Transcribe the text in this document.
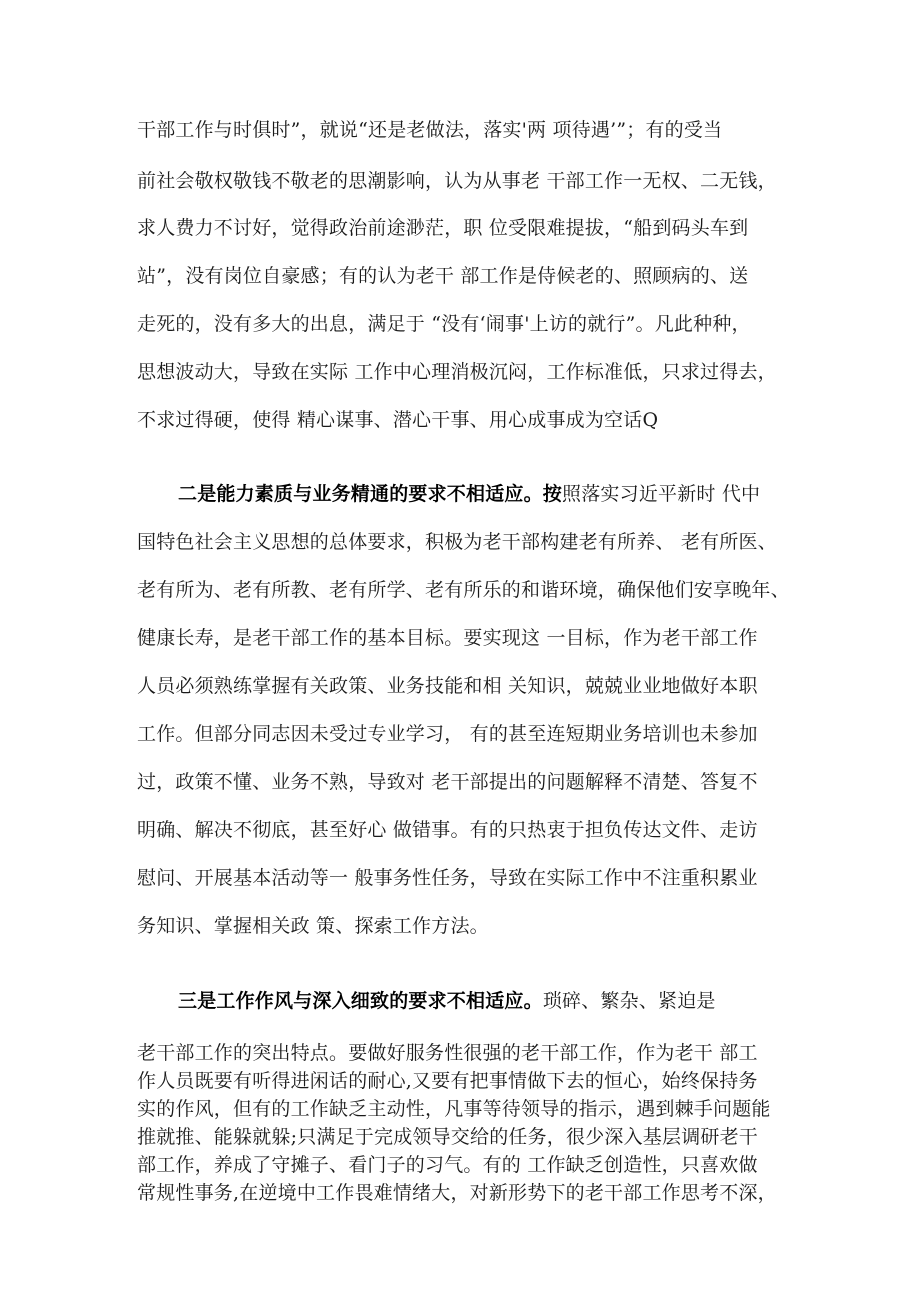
干部工作与时俱时”，就说“还是老做法，落实'两 项待遇’”；有的受当
前社会敬权敬钱不敬老的思潮影响，认为从事老 干部工作一无权、二无钱，
求人费力不讨好，觉得政治前途渺茫，职 位受限难提拔，“船到码头车到
站”，没有岗位自豪感；有的认为老干 部工作是侍候老的、照顾病的、送
走死的，没有多大的出息，满足于 “没有‘闹事'上访的就行”。凡此种种，
思想波动大，导致在实际 工作中心理消极沉闷，工作标准低，只求过得去，
不求过得硬，使得 精心谋事、潜心干事、用心成事成为空话Q
二是能力素质与业务精通的要求不相适应。按照落实习近平新时 代中
国特色社会主义思想的总体要求，积极为老干部构建老有所养、 老有所医、
老有所为、老有所教、老有所学、老有所乐的和谐环境，确保他们安享晚年、
健康长寿，是老干部工作的基本目标。要实现这 一目标，作为老干部工作
人员必须熟练掌握有关政策、业务技能和相 关知识，兢兢业业地做好本职
工作。但部分同志因未受过专业学习， 有的甚至连短期业务培训也未参加
过，政策不懂、业务不熟，导致对 老干部提出的问题解释不清楚、答复不
明确、解决不彻底，甚至好心 做错事。有的只热衷于担负传达文件、走访
慰问、开展基本活动等一 般事务性任务，导致在实际工作中不注重积累业
务知识、掌握相关政 策、探索工作方法。
三是工作作风与深入细致的要求不相适应。琐碎、繁杂、紧迫是
老干部工作的突出特点。要做好服务性很强的老干部工作，作为老干 部工
作人员既要有听得进闲话的耐心,又要有把事情做下去的恒心，始终保持务
实的作风，但有的工作缺乏主动性，凡事等待领导的指示，遇到棘手问题能
推就推、能躲就躲;只满足于完成领导交给的任务，很少深入基层调研老干
部工作，养成了守摊子、看门子的习气。有的 工作缺乏创造性，只喜欢做
常规性事务,在逆境中工作畏难情绪大，对新形势下的老干部工作思考不深，
